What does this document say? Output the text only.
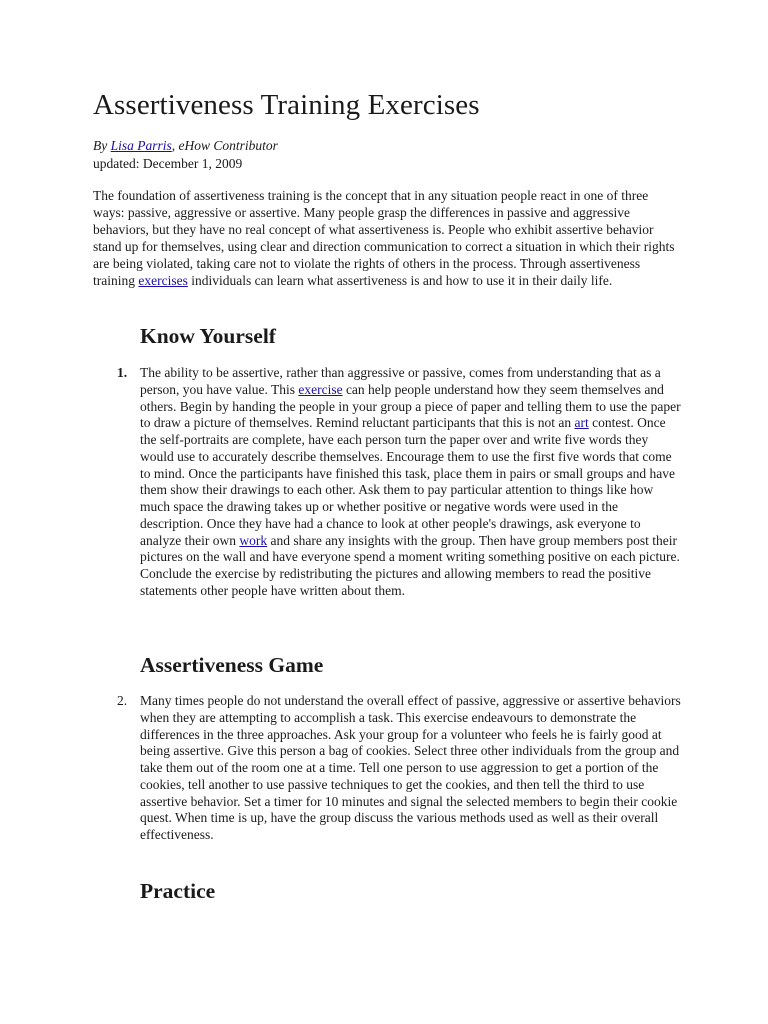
Assertiveness Training Exercises
By Lisa Parris, eHow Contributor
updated: December 1, 2009

The foundation of assertiveness training is the concept that in any situation people react in one of three ways: passive, aggressive or assertive. Many people grasp the differences in passive and aggressive behaviors, but they have no real concept of what assertiveness is. People who exhibit assertive behavior stand up for themselves, using clear and direction communication to correct a situation in which their rights are being violated, taking care not to violate the rights of others in the process. Through assertiveness training exercises individuals can learn what assertiveness is and how to use it in their daily life.

Know Yourself
1. The ability to be assertive, rather than aggressive or passive, comes from understanding that as a person, you have value. This exercise can help people understand how they seem themselves and others. Begin by handing the people in your group a piece of paper and telling them to use the paper to draw a picture of themselves. Remind reluctant participants that this is not an art contest. Once the self-portraits are complete, have each person turn the paper over and write five words they would use to accurately describe themselves. Encourage them to use the first five words that come to mind. Once the participants have finished this task, place them in pairs or small groups and have them show their drawings to each other. Ask them to pay particular attention to things like how much space the drawing takes up or whether positive or negative words were used in the description. Once they have had a chance to look at other people's drawings, ask everyone to analyze their own work and share any insights with the group. Then have group members post their pictures on the wall and have everyone spend a moment writing something positive on each picture. Conclude the exercise by redistributing the pictures and allowing members to read the positive statements other people have written about them.

Assertiveness Game
2. Many times people do not understand the overall effect of passive, aggressive or assertive behaviors when they are attempting to accomplish a task. This exercise endeavours to demonstrate the differences in the three approaches. Ask your group for a volunteer who feels he is fairly good at being assertive. Give this person a bag of cookies. Select three other individuals from the group and take them out of the room one at a time. Tell one person to use aggression to get a portion of the cookies, tell another to use passive techniques to get the cookies, and then tell the third to use assertive behavior. Set a timer for 10 minutes and signal the selected members to begin their cookie quest. When time is up, have the group discuss the various methods used as well as their overall effectiveness.

Practice
